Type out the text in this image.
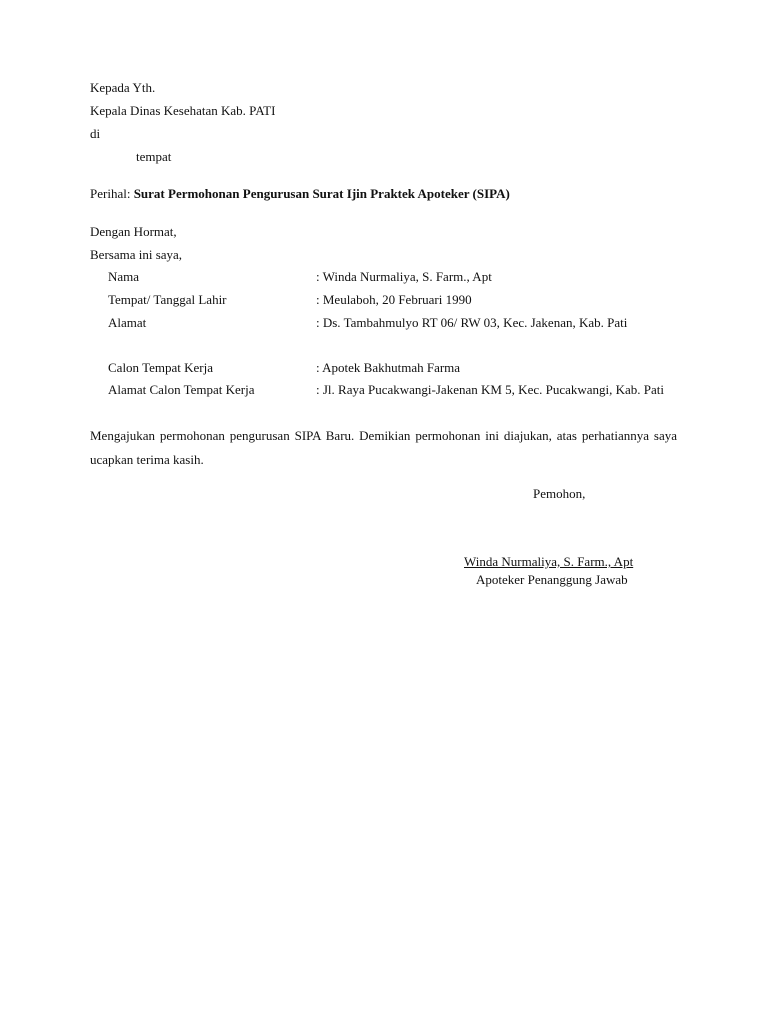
Kepada Yth.
Kepala Dinas Kesehatan Kab. PATI
di
tempat
Perihal: Surat Permohonan Pengurusan Surat Ijin Praktek Apoteker (SIPA)
Dengan Hormat,
Bersama ini saya,
Nama	: Winda Nurmaliya, S. Farm., Apt
Tempat/ Tanggal Lahir	: Meulaboh, 20 Februari 1990
Alamat	: Ds. Tambahmulyo RT 06/ RW 03, Kec. Jakenan, Kab. Pati
Calon Tempat Kerja	: Apotek Bakhutmah Farma
Alamat Calon Tempat Kerja	: Jl. Raya Pucakwangi-Jakenan KM 5, Kec. Pucakwangi, Kab. Pati
Mengajukan permohonan pengurusan SIPA Baru. Demikian permohonan ini diajukan, atas perhatiannya saya ucapkan terima kasih.
Pemohon,
Winda Nurmaliya, S. Farm., Apt
Apoteker Penanggung Jawab
